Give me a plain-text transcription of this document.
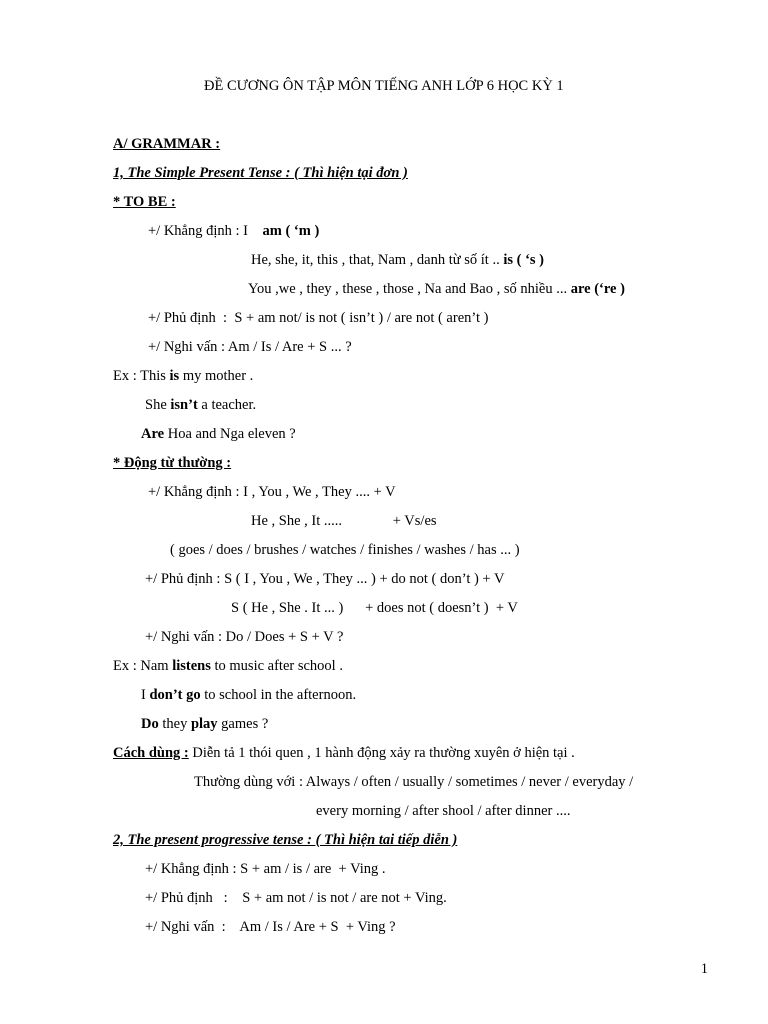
ĐỀ CƯƠNG ÔN TẬP MÔN TIẾNG ANH LỚP 6 HỌC KỲ 1
A/ GRAMMAR :
1, The Simple Present Tense : ( Thì hiện tại đơn )
* TO BE :
+/ Khẳng định : I    am ( ‘m )
He, she, it, this , that, Nam , danh từ số ít .. is ( ‘s )
You ,we , they , these , those , Na and Bao , số nhiều ... are (‘re )
+/ Phủ định  :  S + am not/ is not ( isn’t ) / are not ( aren’t )
+/ Nghi vấn : Am / Is / Are + S ... ?
Ex : This is my mother .
She isn’t a teacher.
Are Hoa and Nga eleven ?
* Động từ thường :
+/ Khẳng định : I , You , We , They .... + V
He , She , It .....              + Vs/es
( goes / does / brushes / watches / finishes / washes / has ... )
+/ Phủ định : S ( I , You , We , They ... ) + do not ( don’t ) + V
S ( He , She . It ... )      + does not ( doesn’t )  + V
+/ Nghi vấn : Do / Does + S + V ?
Ex : Nam listens to music after school .
I don’t go to school in the afternoon.
Do they play games ?
Cách dùng : Diễn tả 1 thói quen , 1 hành động xảy ra thường xuyên ở hiện tại .
Thường dùng với : Always / often / usually / sometimes / never / everyday /
every morning / after shool / after dinner ....
2, The present progressive tense : ( Thì hiện tai tiếp diễn )
+/ Khẳng định : S + am / is / are  + Ving .
+/ Phủ định   :    S + am not / is not / are not + Ving.
+/ Nghi vấn  :    Am / Is / Are + S  + Ving ?
1
